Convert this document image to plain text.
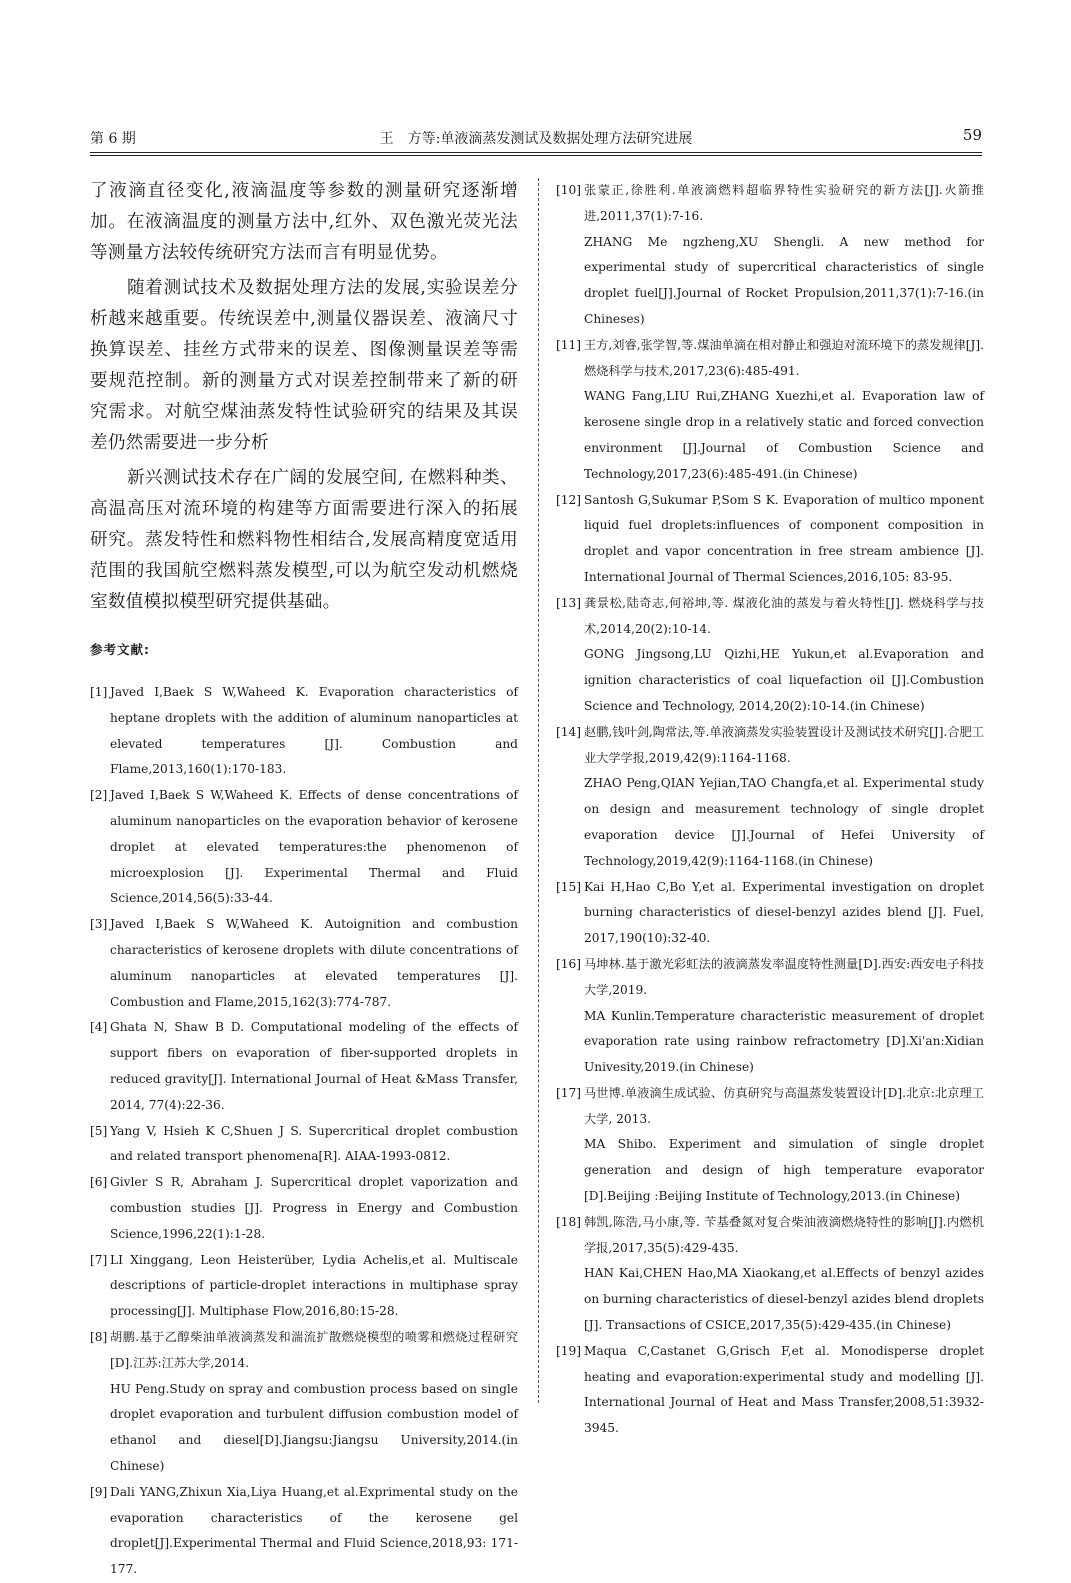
第 6 期	王　方等:单液滴蒸发测试及数据处理方法研究进展	59

了液滴直径变化,液滴温度等参数的测量研究逐渐增加。在液滴温度的测量方法中,红外、双色激光荧光法等测量方法较传统研究方法而言有明显优势。

随着测试技术及数据处理方法的发展,实验误差分析越来越重要。传统误差中,测量仪器误差、液滴尺寸换算误差、挂丝方式带来的误差、图像测量误差等需要规范控制。新的测量方式对误差控制带来了新的研究需求。对航空煤油蒸发特性试验研究的结果及其误差仍然需要进一步分析

新兴测试技术存在广阔的发展空间, 在燃料种类、高温高压对流环境的构建等方面需要进行深入的拓展研究。蒸发特性和燃料物性相结合,发展高精度宽适用范围的我国航空燃料蒸发模型,可以为航空发动机燃烧室数值模拟模型研究提供基础。

参考文献:
[1] Javed I,Baek S W,Waheed K. Evaporation characteristics of heptane droplets with the addition of aluminum nanoparticles at elevated temperatures [J]. Combustion and Flame,2013,160(1):170-183.
[2] Javed I,Baek S W,Waheed K. Effects of dense concentrations of aluminum nanoparticles on the evaporation behavior of kerosene droplet at elevated temperatures:the phenomenon of microexplosion [J]. Experimental Thermal and Fluid Science,2014,56(5):33-44.
[3] Javed I,Baek S W,Waheed K. Autoignition and combustion characteristics of kerosene droplets with dilute concentrations of aluminum nanoparticles at elevated temperatures [J]. Combustion and Flame,2015,162(3):774-787.
[4] Ghata N, Shaw B D. Computational modeling of the effects of support fibers on evaporation of fiber-supported droplets in reduced gravity[J]. International Journal of Heat &Mass Transfer, 2014, 77(4):22-36.
[5] Yang V, Hsieh K C,Shuen J S. Supercritical droplet combustion and related transport phenomena[R]. AIAA-1993-0812.
[6] Givler S R, Abraham J. Supercritical droplet vaporization and combustion studies [J]. Progress in Energy and Combustion Science,1996,22(1):1-28.
[7] LI Xinggang, Leon Heisterüber, Lydia Achelis,et al. Multiscale descriptions of particle-droplet interactions in multiphase spray processing[J]. Multiphase Flow,2016,80:15-28.
[8] 胡鹏.基于乙醇柴油单液滴蒸发和湍流扩散燃烧模型的喷雾和燃烧过程研究[D].江苏:江苏大学,2014.
HU Peng.Study on spray and combustion process based on single droplet evaporation and turbulent diffusion combustion model of ethanol and diesel[D].Jiangsu:Jiangsu University,2014.(in Chinese)
[9] Dali YANG,Zhixun Xia,Liya Huang,et al.Exprimental study on the evaporation characteristics of the kerosene gel droplet[J].Experimental Thermal and Fluid Science,2018,93: 171-177.
[10] 张蒙正,徐胜利.单液滴燃料超临界特性实验研究的新方法[J].火箭推进,2011,37(1):7-16.
ZHANG Me ngzheng,XU Shengli. A new method for experimental study of supercritical characteristics of single droplet fuel[J].Journal of Rocket Propulsion,2011,37(1):7-16.(in Chineses)
[11] 王方,刘睿,张学智,等.煤油单滴在相对静止和强迫对流环境下的蒸发规律[J].燃烧科学与技术,2017,23(6):485-491.
WANG Fang,LIU Rui,ZHANG Xuezhi,et al. Evaporation law of kerosene single drop in a relatively static and forced convection environment [J].Journal of Combustion Science and Technology,2017,23(6):485-491.(in Chinese)
[12] Santosh G,Sukumar P,Som S K. Evaporation of multico mponent liquid fuel droplets:influences of component composition in droplet and vapor concentration in free stream ambience [J]. International Journal of Thermal Sciences,2016,105: 83-95.
[13] 龚景松,陆奇志,何裕坤,等. 煤液化油的蒸发与着火特性[J]. 燃烧科学与技术,2014,20(2):10-14.
GONG Jingsong,LU Qizhi,HE Yukun,et al.Evaporation and ignition characteristics of coal liquefaction oil [J].Combustion Science and Technology, 2014,20(2):10-14.(in Chinese)
[14] 赵鹏,钱叶剑,陶常法,等.单液滴蒸发实验装置设计及测试技术研究[J].合肥工业大学学报,2019,42(9):1164-1168.
ZHAO Peng,QIAN Yejian,TAO Changfa,et al. Experimental study on design and measurement technology of single droplet evaporation device [J].Journal of Hefei University of Technology,2019,42(9):1164-1168.(in Chinese)
[15] Kai H,Hao C,Bo Y,et al. Experimental investigation on droplet burning characteristics of diesel-benzyl azides blend [J]. Fuel, 2017,190(10):32-40.
[16] 马坤林.基于激光彩虹法的液滴蒸发率温度特性测量[D].西安:西安电子科技大学,2019.
MA Kunlin.Temperature characteristic measurement of droplet evaporation rate using rainbow refractometry [D].Xi'an:Xidian Univesity,2019.(in Chinese)
[17] 马世博.单液滴生成试验、仿真研究与高温蒸发装置设计[D].北京:北京理工大学, 2013.
MA Shibo. Experiment and simulation of single droplet generation and design of high temperature evaporator [D].Beijing :Beijing Institute of Technology,2013.(in Chinese)
[18] 韩凯,陈浩,马小康,等. 苄基叠氮对复合柴油液滴燃烧特性的影响[J].内燃机学报,2017,35(5):429-435.
HAN Kai,CHEN Hao,MA Xiaokang,et al.Effects of benzyl azides on burning characteristics of diesel-benzyl azides blend droplets [J]. Transactions of CSICE,2017,35(5):429-435.(in Chinese)
[19] Maqua C,Castanet G,Grisch F,et al. Monodisperse droplet heating and evaporation:experimental study and modelling [J]. International Journal of Heat and Mass Transfer,2008,51:3932-3945.
